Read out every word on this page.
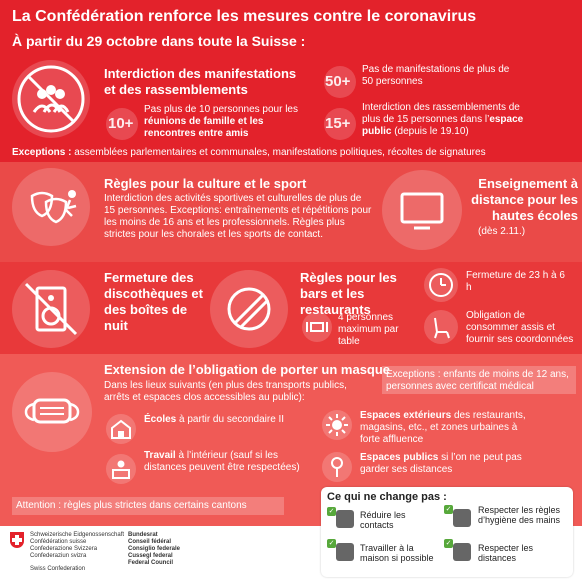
La Confédération renforce les mesures contre le coronavirus
À partir du 29 octobre dans toute la Suisse :
Interdiction des manifestations et des rassemblements
10+
Pas plus de 10 personnes pour les réunions de famille et les rencontres entre amis
50+
Pas de manifestations de plus de 50 personnes
15+
Interdiction des rassemblements de plus de 15 personnes dans l’espace public (depuis le 19.10)
Exceptions : assemblées parlementaires et communales, manifestations politiques, récoltes de signatures
Règles pour la culture et le sport
Interdiction des activités sportives et culturelles de plus de 15 personnes. Exceptions: entraînements et répétitions pour les moins de 16 ans et les professionnels. Règles plus strictes pour les chorales et les sports de contact.
Enseignement à distance pour les hautes écoles
(dès 2.11.)
Fermeture des discothèques et des boîtes de nuit
Règles pour les bars et les restaurants
4 personnes maximum par table
Fermeture de 23 h à 6 h
Obligation de consommer assis et fournir ses coordonnées
Extension de l’obligation de porter un masque
Dans les lieux suivants (en plus des transports publics, arrêts et espaces clos accessibles au public):
Exceptions : enfants de moins de 12 ans, personnes avec certificat médical
Écoles à partir du secondaire II
Travail à l’intérieur (sauf si les distances peuvent être respectées)
Espaces extérieurs des restaurants, magasins, etc., et zones urbaines à forte affluence
Espaces publics si l’on ne peut pas garder ses distances
Attention : règles plus strictes dans certains cantons
Ce qui ne change pas :
✓	Réduire les contacts
✓	Respecter les règles d’hygiène des mains
✓	Travailler à la maison si possible
✓	Respecter les distances
Schweizerische Eidgenossenschaft
Confédération suisse
Confederazione Svizzera
Confederaziun svizra
Swiss Confederation
Bundesrat
Conseil fédéral
Consiglio federale
Cussegl federal
Federal Council
